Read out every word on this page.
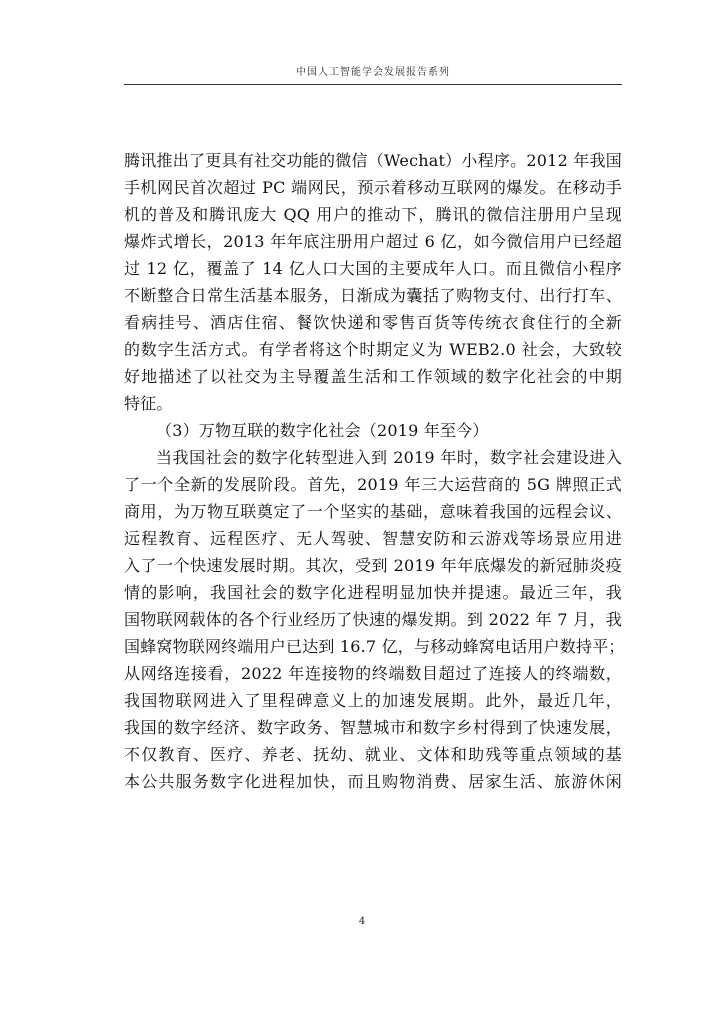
中国人工智能学会发展报告系列
腾讯推出了更具有社交功能的微信（Wechat）小程序。2012 年我国
手机网民首次超过 PC 端网民，预示着移动互联网的爆发。在移动手
机的普及和腾讯庞大 QQ 用户的推动下，腾讯的微信注册用户呈现
爆炸式增长，2013 年年底注册用户超过 6 亿，如今微信用户已经超
过 12 亿，覆盖了 14 亿人口大国的主要成年人口。而且微信小程序
不断整合日常生活基本服务，日渐成为囊括了购物支付、出行打车、
看病挂号、酒店住宿、餐饮快递和零售百货等传统衣食住行的全新
的数字生活方式。有学者将这个时期定义为 WEB2.0 社会，大致较
好地描述了以社交为主导覆盖生活和工作领域的数字化社会的中期
特征。
（3）万物互联的数字化社会（2019 年至今）
当我国社会的数字化转型进入到 2019 年时，数字社会建设进入
了一个全新的发展阶段。首先，2019 年三大运营商的 5G 牌照正式
商用，为万物互联奠定了一个坚实的基础，意味着我国的远程会议、
远程教育、远程医疗、无人驾驶、智慧安防和云游戏等场景应用进
入了一个快速发展时期。其次，受到 2019 年年底爆发的新冠肺炎疫
情的影响，我国社会的数字化进程明显加快并提速。最近三年，我
国物联网载体的各个行业经历了快速的爆发期。到 2022 年 7 月，我
国蜂窝物联网终端用户已达到 16.7 亿，与移动蜂窝电话用户数持平；
从网络连接看，2022 年连接物的终端数目超过了连接人的终端数，
我国物联网进入了里程碑意义上的加速发展期。此外，最近几年，
我国的数字经济、数字政务、智慧城市和数字乡村得到了快速发展，
不仅教育、医疗、养老、抚幼、就业、文体和助残等重点领域的基
本公共服务数字化进程加快，而且购物消费、居家生活、旅游休闲
4
